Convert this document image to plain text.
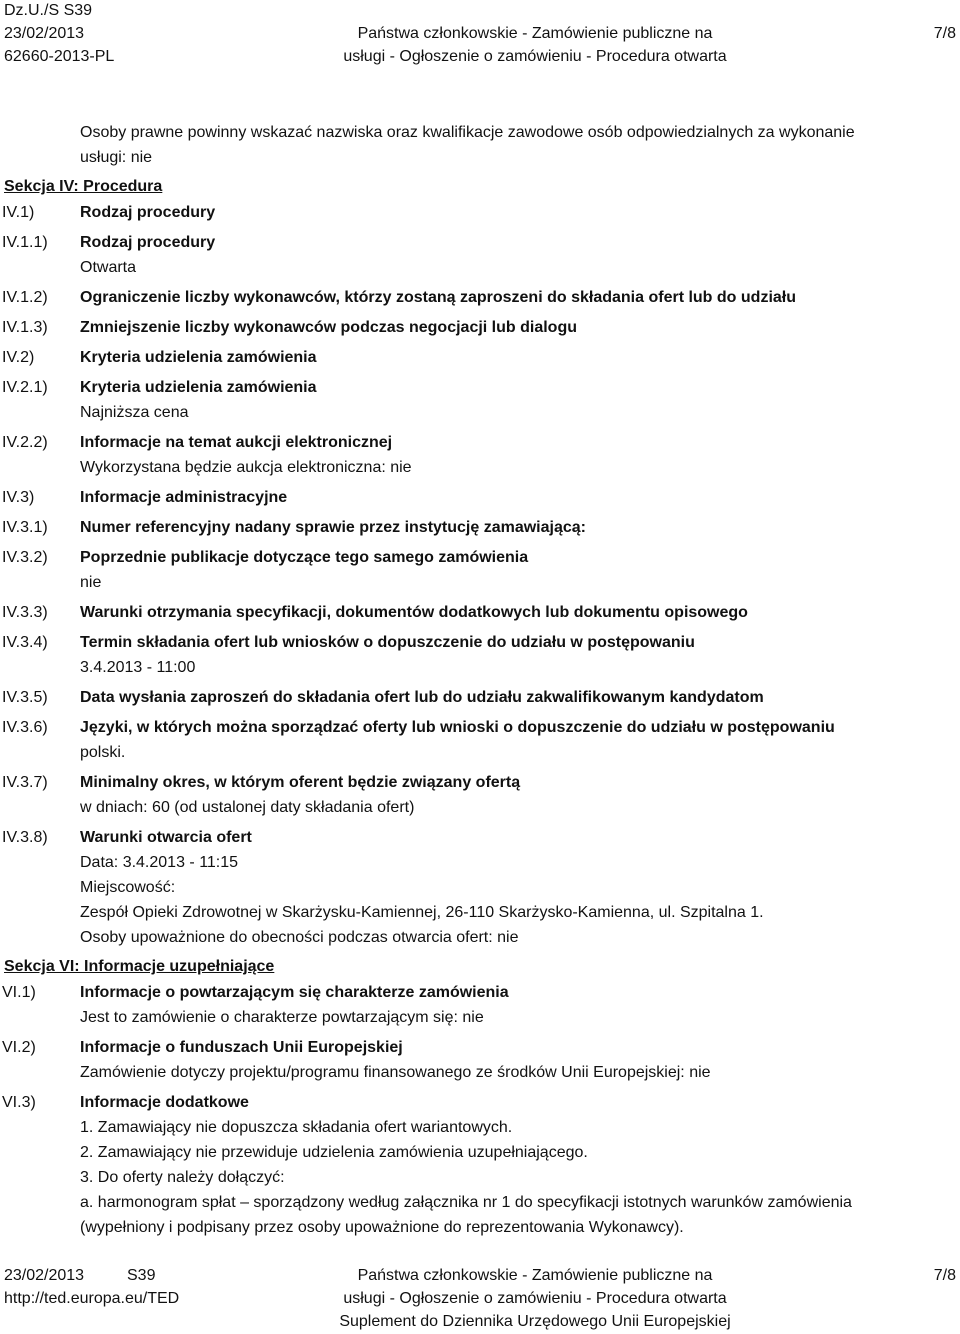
Dz.U./S S39
23/02/2013
62660-2013-PL
Państwa członkowskie - Zamówienie publiczne na
usługi - Ogłoszenie o zamówieniu - Procedura otwarta
7/8
Osoby prawne powinny wskazać nazwiska oraz kwalifikacje zawodowe osób odpowiedzialnych za wykonanie
usługi: nie
Sekcja IV: Procedura
IV.1)	Rodzaj procedury
IV.1.1)	Rodzaj procedury
Otwarta
IV.1.2)	Ograniczenie liczby wykonawców, którzy zostaną zaproszeni do składania ofert lub do udziału
IV.1.3)	Zmniejszenie liczby wykonawców podczas negocjacji lub dialogu
IV.2)	Kryteria udzielenia zamówienia
IV.2.1)	Kryteria udzielenia zamówienia
Najniższa cena
IV.2.2)	Informacje na temat aukcji elektronicznej
Wykorzystana będzie aukcja elektroniczna: nie
IV.3)	Informacje administracyjne
IV.3.1)	Numer referencyjny nadany sprawie przez instytucję zamawiającą:
IV.3.2)	Poprzednie publikacje dotyczące tego samego zamówienia
nie
IV.3.3)	Warunki otrzymania specyfikacji, dokumentów dodatkowych lub dokumentu opisowego
IV.3.4)	Termin składania ofert lub wniosków o dopuszczenie do udziału w postępowaniu
3.4.2013 - 11:00
IV.3.5)	Data wysłania zaproszeń do składania ofert lub do udziału zakwalifikowanym kandydatom
IV.3.6)	Języki, w których można sporządzać oferty lub wnioski o dopuszczenie do udziału w postępowaniu
polski.
IV.3.7)	Minimalny okres, w którym oferent będzie związany ofertą
w dniach: 60 (od ustalonej daty składania ofert)
IV.3.8)	Warunki otwarcia ofert
Data: 3.4.2013 - 11:15
Miejscowość:
Zespół Opieki Zdrowotnej w Skarżysku-Kamiennej, 26-110 Skarżysko-Kamienna, ul. Szpitalna 1.
Osoby upoważnione do obecności podczas otwarcia ofert: nie
Sekcja VI: Informacje uzupełniające
VI.1)	Informacje o powtarzającym się charakterze zamówienia
Jest to zamówienie o charakterze powtarzającym się: nie
VI.2)	Informacje o funduszach Unii Europejskiej
Zamówienie dotyczy projektu/programu finansowanego ze środków Unii Europejskiej: nie
VI.3)	Informacje dodatkowe
1. Zamawiający nie dopuszcza składania ofert wariantowych.
2. Zamawiający nie przewiduje udzielenia zamówienia uzupełniającego.
3. Do oferty należy dołączyć:
a. harmonogram spłat – sporządzony według załącznika nr 1 do specyfikacji istotnych warunków zamówienia
(wypełniony i podpisany przez osoby upoważnione do reprezentowania Wykonawcy).
23/02/2013	S39
http://ted.europa.eu/TED
Państwa członkowskie - Zamówienie publiczne na
usługi - Ogłoszenie o zamówieniu - Procedura otwarta
Suplement do Dziennika Urzędowego Unii Europejskiej
7/8
